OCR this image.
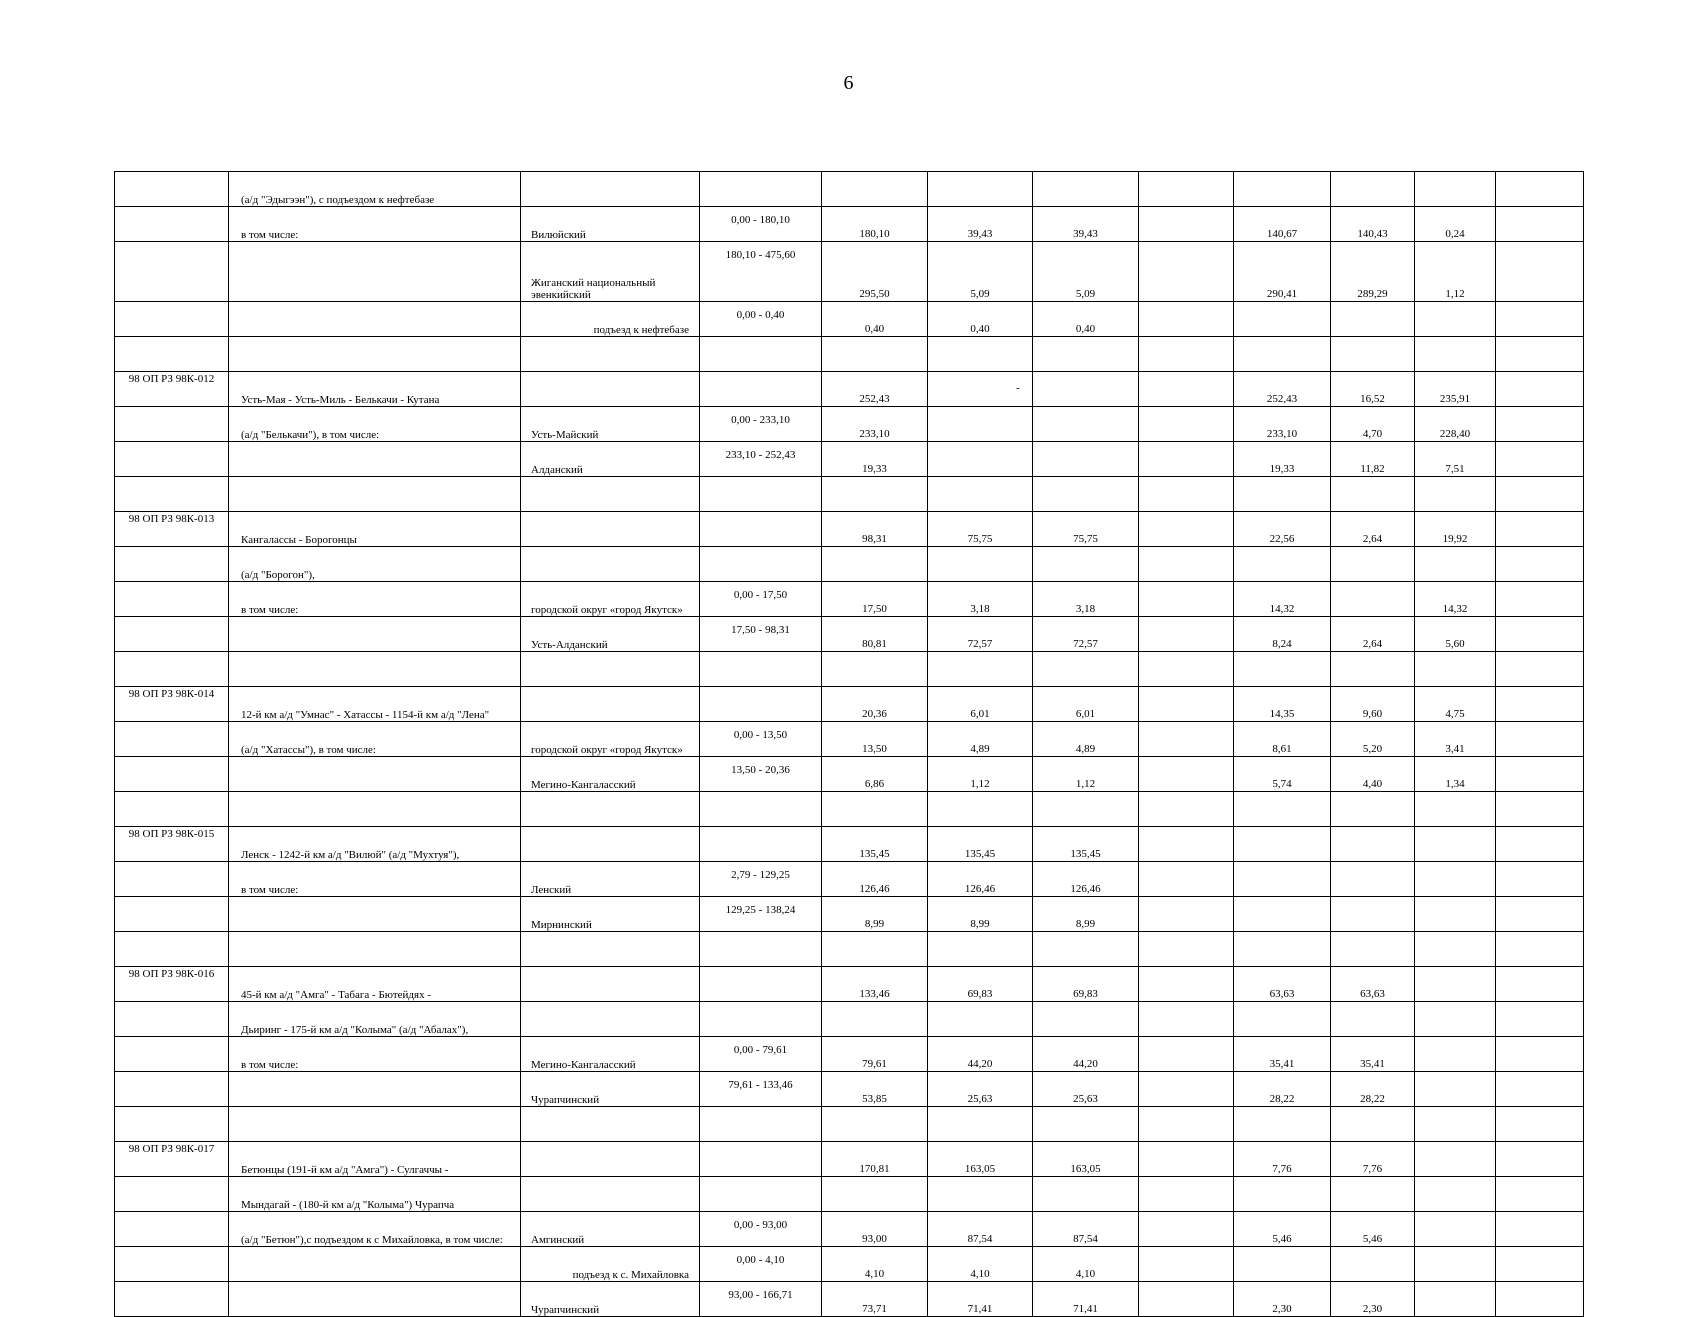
6
	(а/д "Эдыгээн"), с подъездом к нефтебазе										
	в том числе:	Вилюйский	0,00 - 180,10	180,10	39,43	39,43		140,67	140,43	0,24	
		Жиганский национальный эвенкийский	180,10 - 475,60	295,50	5,09	5,09		290,41	289,29	1,12	
		подъезд к нефтебазе	0,00 - 0,40	0,40	0,40	0,40					

98 ОП РЗ 98К-012	Усть-Мая - Усть-Миль - Белькачи - Кутана			252,43	-			252,43	16,52	235,91	
	(а/д "Белькачи"), в том числе:	Усть-Майский	0,00 - 233,10	233,10				233,10	4,70	228,40	
		Алданский	233,10 - 252,43	19,33				19,33	11,82	7,51	

98 ОП РЗ 98К-013	Кангалассы - Борогонцы			98,31	75,75	75,75		22,56	2,64	19,92	
	(а/д "Борогон"),										
	в том числе:	городской округ «город Якутск»	0,00 - 17,50	17,50	3,18	3,18		14,32		14,32	
		Усть-Алданский	17,50 - 98,31	80,81	72,57	72,57		8,24	2,64	5,60	

98 ОП РЗ 98К-014	12-й км а/д "Умнас" - Хатассы - 1154-й км а/д "Лена"			20,36	6,01	6,01		14,35	9,60	4,75	
	(а/д "Хатассы"), в том числе:	городской округ «город Якутск»	0,00 - 13,50	13,50	4,89	4,89		8,61	5,20	3,41	
		Мегино-Кангаласский	13,50 - 20,36	6,86	1,12	1,12		5,74	4,40	1,34	

98 ОП РЗ 98К-015	Ленск - 1242-й км а/д "Вилюй" (а/д "Мухтуя"),			135,45	135,45	135,45					
	в том числе:	Ленский	2,79 - 129,25	126,46	126,46	126,46					
		Мирнинский	129,25 - 138,24	8,99	8,99	8,99					

98 ОП РЗ 98К-016	45-й км а/д "Амга" - Табага - Бютейдях -			133,46	69,83	69,83		63,63	63,63		
	Дьиринг - 175-й км а/д "Колыма" (а/д "Абалах"),										
	в том числе:	Мегино-Кангаласский	0,00 - 79,61	79,61	44,20	44,20		35,41	35,41		
		Чурапчинский	79,61 - 133,46	53,85	25,63	25,63		28,22	28,22		

98 ОП РЗ 98К-017	Бетюнцы (191-й км а/д "Амга") - Сулгаччы -			170,81	163,05	163,05		7,76	7,76		
	Мындагай - (180-й км а/д "Колыма") Чурапча										
	(а/д "Бетюн"),с подъездом к с Михайловка, в том числе:	Амгинский	0,00 - 93,00	93,00	87,54	87,54		5,46	5,46		
		подъезд к с. Михайловка	0,00 - 4,10	4,10	4,10	4,10					
		Чурапчинский	93,00 - 166,71	73,71	71,41	71,41		2,30	2,30		
